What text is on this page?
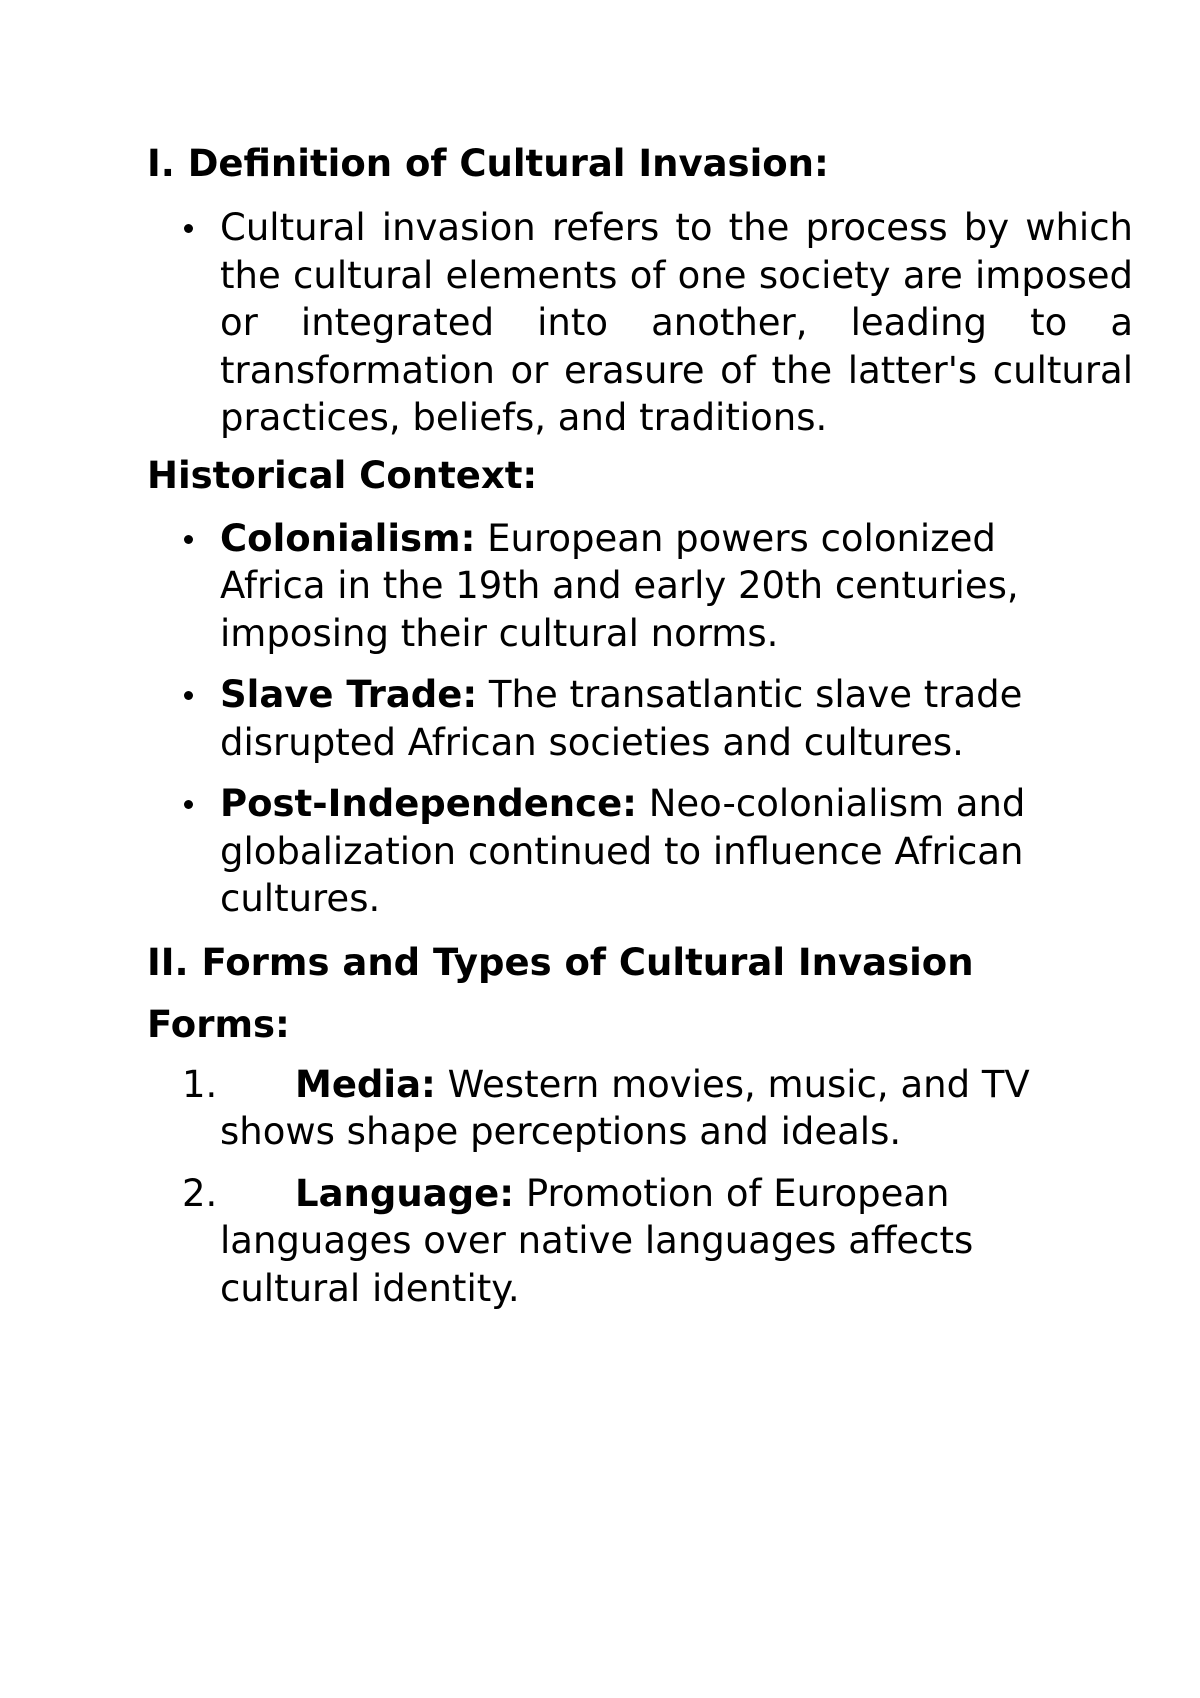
I. Definition of Cultural Invasion:
Cultural invasion refers to the process by which the cultural elements of one society are imposed or integrated into another, leading to a transformation or erasure of the latter's cultural practices, beliefs, and traditions.
Historical Context:
Colonialism: European powers colonized Africa in the 19th and early 20th centuries, imposing their cultural norms.
Slave Trade: The transatlantic slave trade disrupted African societies and cultures.
Post-Independence: Neo-colonialism and globalization continued to influence African cultures.
II. Forms and Types of Cultural Invasion
Forms:
1. Media: Western movies, music, and TV shows shape perceptions and ideals.
2. Language: Promotion of European languages over native languages affects cultural identity.
